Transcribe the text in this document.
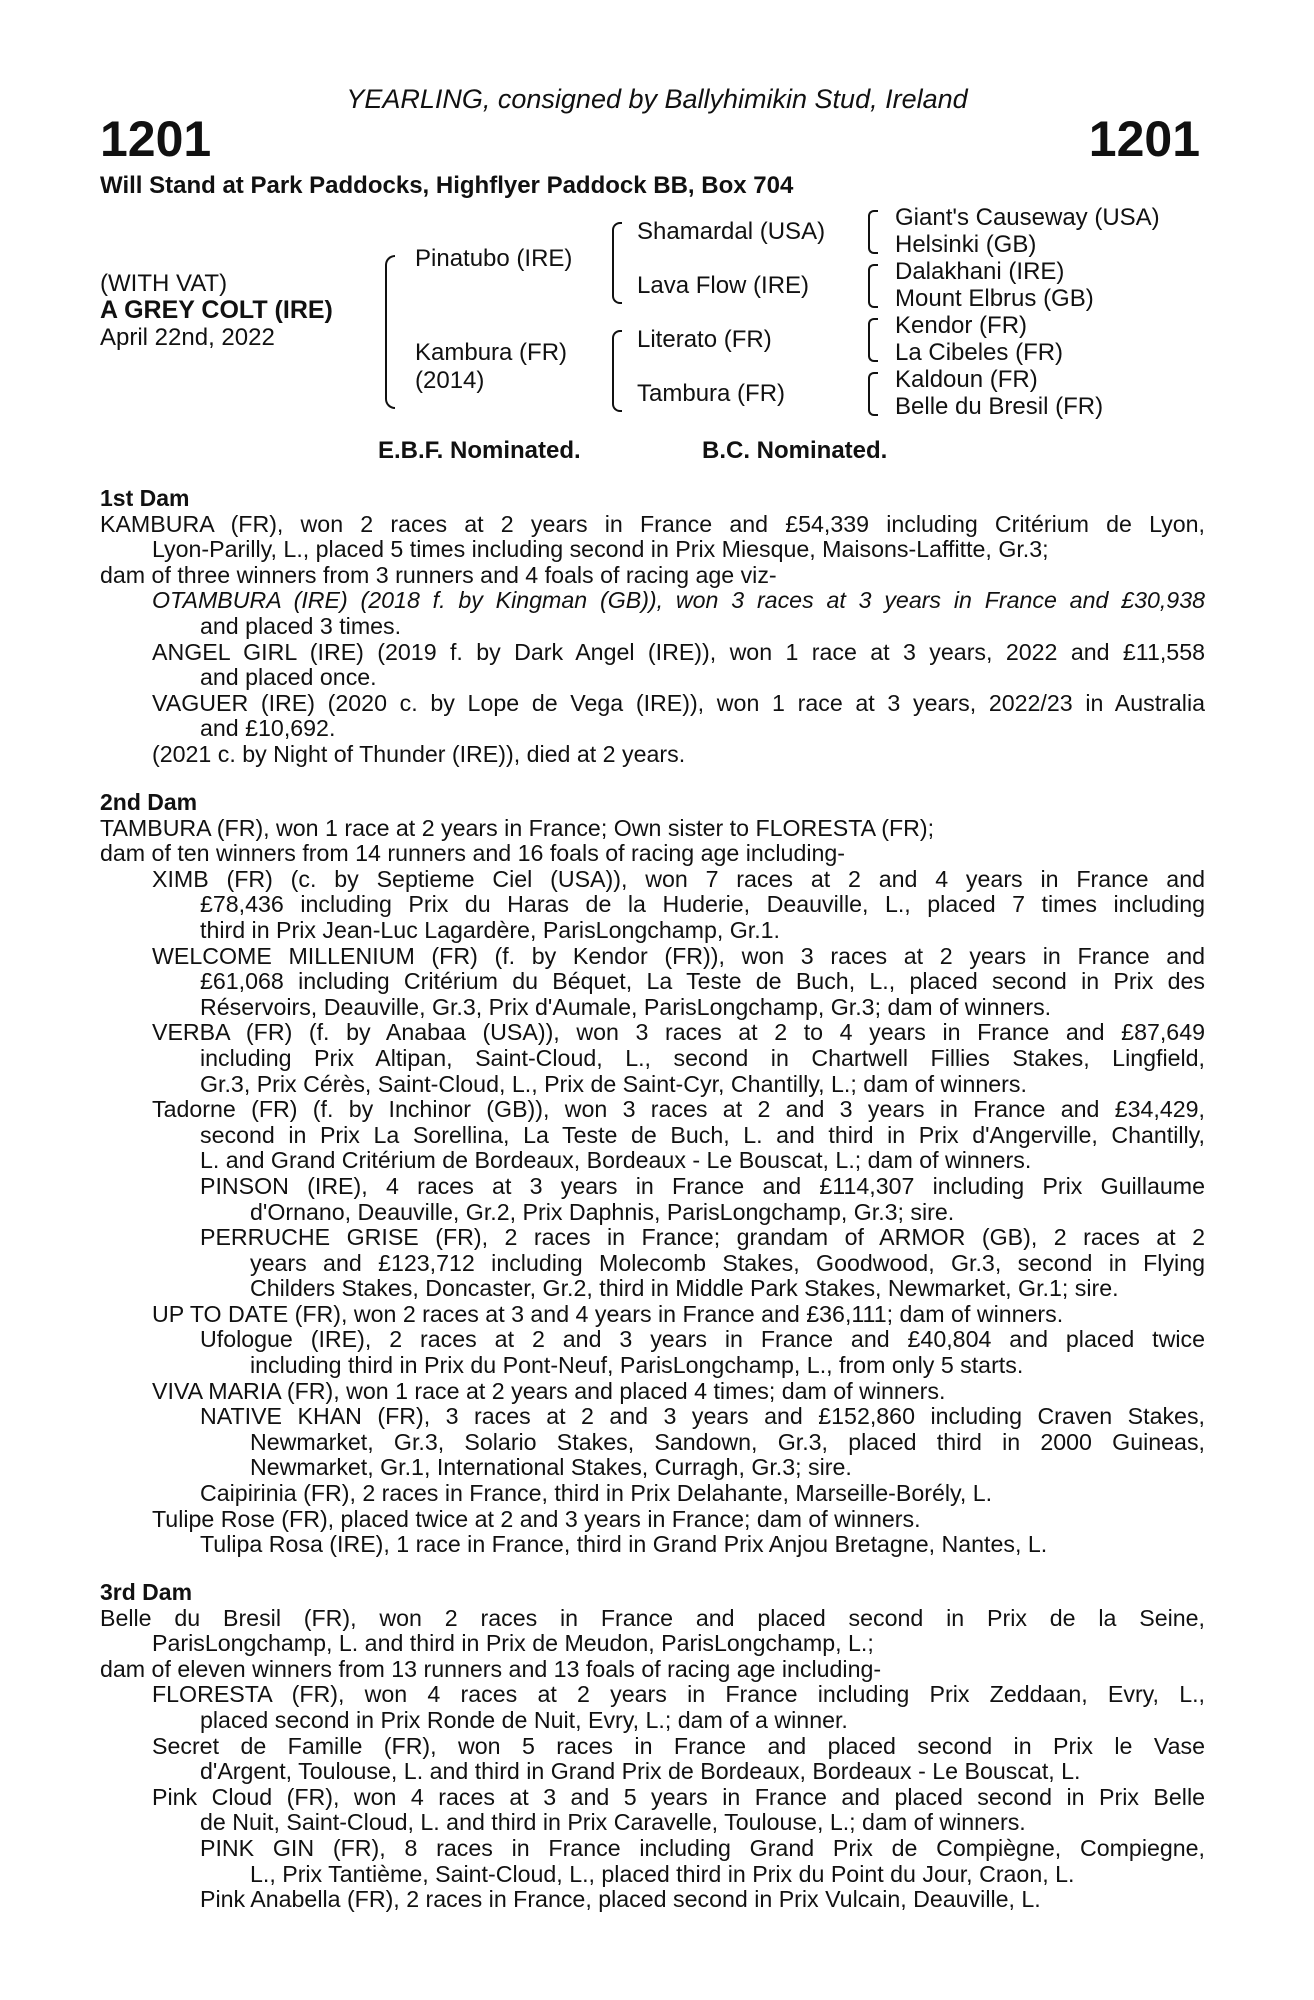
YEARLING, consigned by Ballyhimikin Stud, Ireland
1201	1201
Will Stand at Park Paddocks, Highflyer Paddock BB, Box 704
(WITH VAT)
A GREY COLT (IRE)
April 22nd, 2022
Pinatubo (IRE)
Kambura (FR)
(2014)
Shamardal (USA)
Lava Flow (IRE)
Literato (FR)
Tambura (FR)
Giant's Causeway (USA)
Helsinki (GB)
Dalakhani (IRE)
Mount Elbrus (GB)
Kendor (FR)
La Cibeles (FR)
Kaldoun (FR)
Belle du Bresil (FR)
E.B.F. Nominated.	B.C. Nominated.
1st Dam
KAMBURA (FR), won 2 races at 2 years in France and £54,339 including Critérium de Lyon,
Lyon-Parilly, L., placed 5 times including second in Prix Miesque, Maisons-Laffitte, Gr.3;
dam of three winners from 3 runners and 4 foals of racing age viz-
OTAMBURA (IRE) (2018 f. by Kingman (GB)), won 3 races at 3 years in France and £30,938
and placed 3 times.
ANGEL GIRL (IRE) (2019 f. by Dark Angel (IRE)), won 1 race at 3 years, 2022 and £11,558
and placed once.
VAGUER (IRE) (2020 c. by Lope de Vega (IRE)), won 1 race at 3 years, 2022/23 in Australia
and £10,692.
(2021 c. by Night of Thunder (IRE)), died at 2 years.
2nd Dam
TAMBURA (FR), won 1 race at 2 years in France; Own sister to FLORESTA (FR);
dam of ten winners from 14 runners and 16 foals of racing age including-
XIMB (FR) (c. by Septieme Ciel (USA)), won 7 races at 2 and 4 years in France and
£78,436 including Prix du Haras de la Huderie, Deauville, L., placed 7 times including
third in Prix Jean-Luc Lagardère, ParisLongchamp, Gr.1.
WELCOME MILLENIUM (FR) (f. by Kendor (FR)), won 3 races at 2 years in France and
£61,068 including Critérium du Béquet, La Teste de Buch, L., placed second in Prix des
Réservoirs, Deauville, Gr.3, Prix d'Aumale, ParisLongchamp, Gr.3; dam of winners.
VERBA (FR) (f. by Anabaa (USA)), won 3 races at 2 to 4 years in France and £87,649
including Prix Altipan, Saint-Cloud, L., second in Chartwell Fillies Stakes, Lingfield,
Gr.3, Prix Cérès, Saint-Cloud, L., Prix de Saint-Cyr, Chantilly, L.; dam of winners.
Tadorne (FR) (f. by Inchinor (GB)), won 3 races at 2 and 3 years in France and £34,429,
second in Prix La Sorellina, La Teste de Buch, L. and third in Prix d'Angerville, Chantilly,
L. and Grand Critérium de Bordeaux, Bordeaux - Le Bouscat, L.; dam of winners.
PINSON (IRE), 4 races at 3 years in France and £114,307 including Prix Guillaume
d'Ornano, Deauville, Gr.2, Prix Daphnis, ParisLongchamp, Gr.3; sire.
PERRUCHE GRISE (FR), 2 races in France; grandam of ARMOR (GB), 2 races at 2
years and £123,712 including Molecomb Stakes, Goodwood, Gr.3, second in Flying
Childers Stakes, Doncaster, Gr.2, third in Middle Park Stakes, Newmarket, Gr.1; sire.
UP TO DATE (FR), won 2 races at 3 and 4 years in France and £36,111; dam of winners.
Ufologue (IRE), 2 races at 2 and 3 years in France and £40,804 and placed twice
including third in Prix du Pont-Neuf, ParisLongchamp, L., from only 5 starts.
VIVA MARIA (FR), won 1 race at 2 years and placed 4 times; dam of winners.
NATIVE KHAN (FR), 3 races at 2 and 3 years and £152,860 including Craven Stakes,
Newmarket, Gr.3, Solario Stakes, Sandown, Gr.3, placed third in 2000 Guineas,
Newmarket, Gr.1, International Stakes, Curragh, Gr.3; sire.
Caipirinia (FR), 2 races in France, third in Prix Delahante, Marseille-Borély, L.
Tulipe Rose (FR), placed twice at 2 and 3 years in France; dam of winners.
Tulipa Rosa (IRE), 1 race in France, third in Grand Prix Anjou Bretagne, Nantes, L.
3rd Dam
Belle du Bresil (FR), won 2 races in France and placed second in Prix de la Seine,
ParisLongchamp, L. and third in Prix de Meudon, ParisLongchamp, L.;
dam of eleven winners from 13 runners and 13 foals of racing age including-
FLORESTA (FR), won 4 races at 2 years in France including Prix Zeddaan, Evry, L.,
placed second in Prix Ronde de Nuit, Evry, L.; dam of a winner.
Secret de Famille (FR), won 5 races in France and placed second in Prix le Vase
d'Argent, Toulouse, L. and third in Grand Prix de Bordeaux, Bordeaux - Le Bouscat, L.
Pink Cloud (FR), won 4 races at 3 and 5 years in France and placed second in Prix Belle
de Nuit, Saint-Cloud, L. and third in Prix Caravelle, Toulouse, L.; dam of winners.
PINK GIN (FR), 8 races in France including Grand Prix de Compiègne, Compiegne,
L., Prix Tantième, Saint-Cloud, L., placed third in Prix du Point du Jour, Craon, L.
Pink Anabella (FR), 2 races in France, placed second in Prix Vulcain, Deauville, L.
